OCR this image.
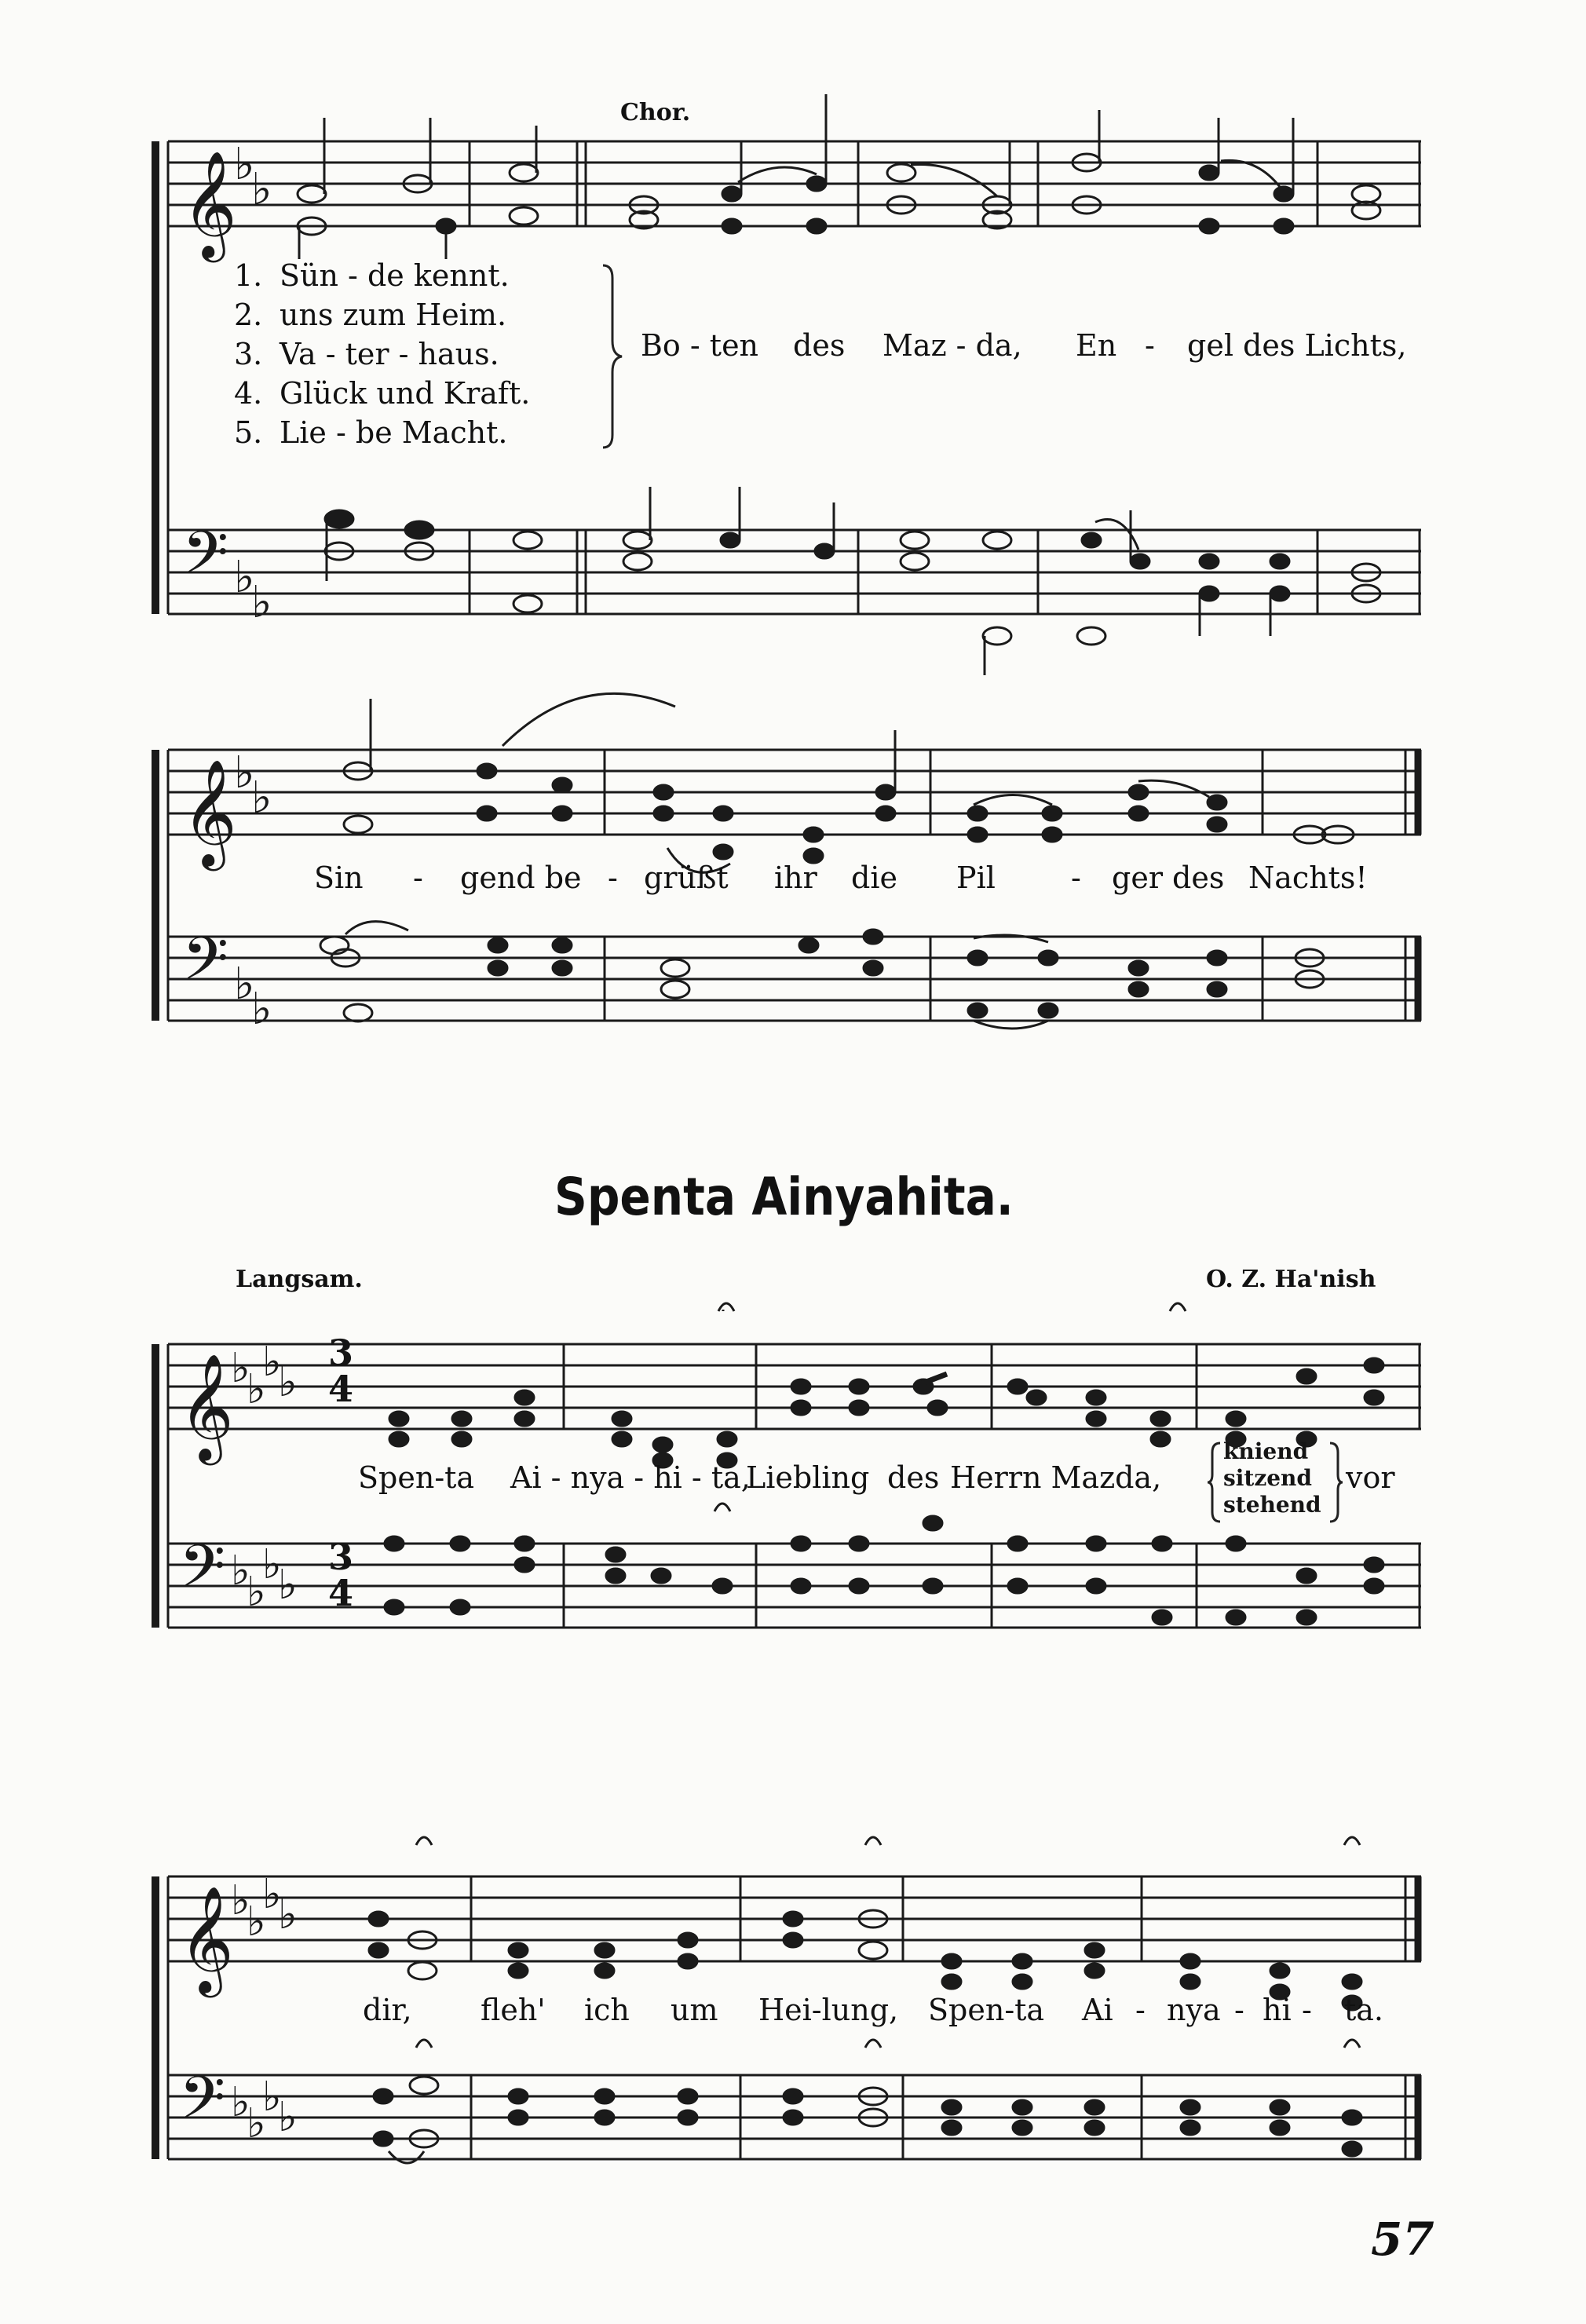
𝄞
𝄢
♭
♭
♭
♭
𝄞
𝄢
♭
♭
♭
♭
𝄞
𝄢
♭
♭
♭
♭
♭
♭
♭
♭
𝄞
𝄢
♭
♭
♭
♭
♭
♭
♭
♭
Chor.
1. Sün - de kennt.
2. uns zum Heim.
3. Va - ter - haus.
4. Glück und Kraft.
5. Lie - be Macht.
Bo - ten des Maz - da, En - gel des Lichts,
Sin - gend be - grüßt ihr die Pil	- ger des Nachts!
Spenta Ainyahita.
Langsam.	O. Z. Ha'nish
3
4
3
4
Spen-ta Ai - nya - hi - ta,
Liebling des Herrn Mazda,
kniend
sitzend
stehend
vor
dir, fleh' ich um Hei-lung, Spen-ta Ai - nya - hi - ta.
57
